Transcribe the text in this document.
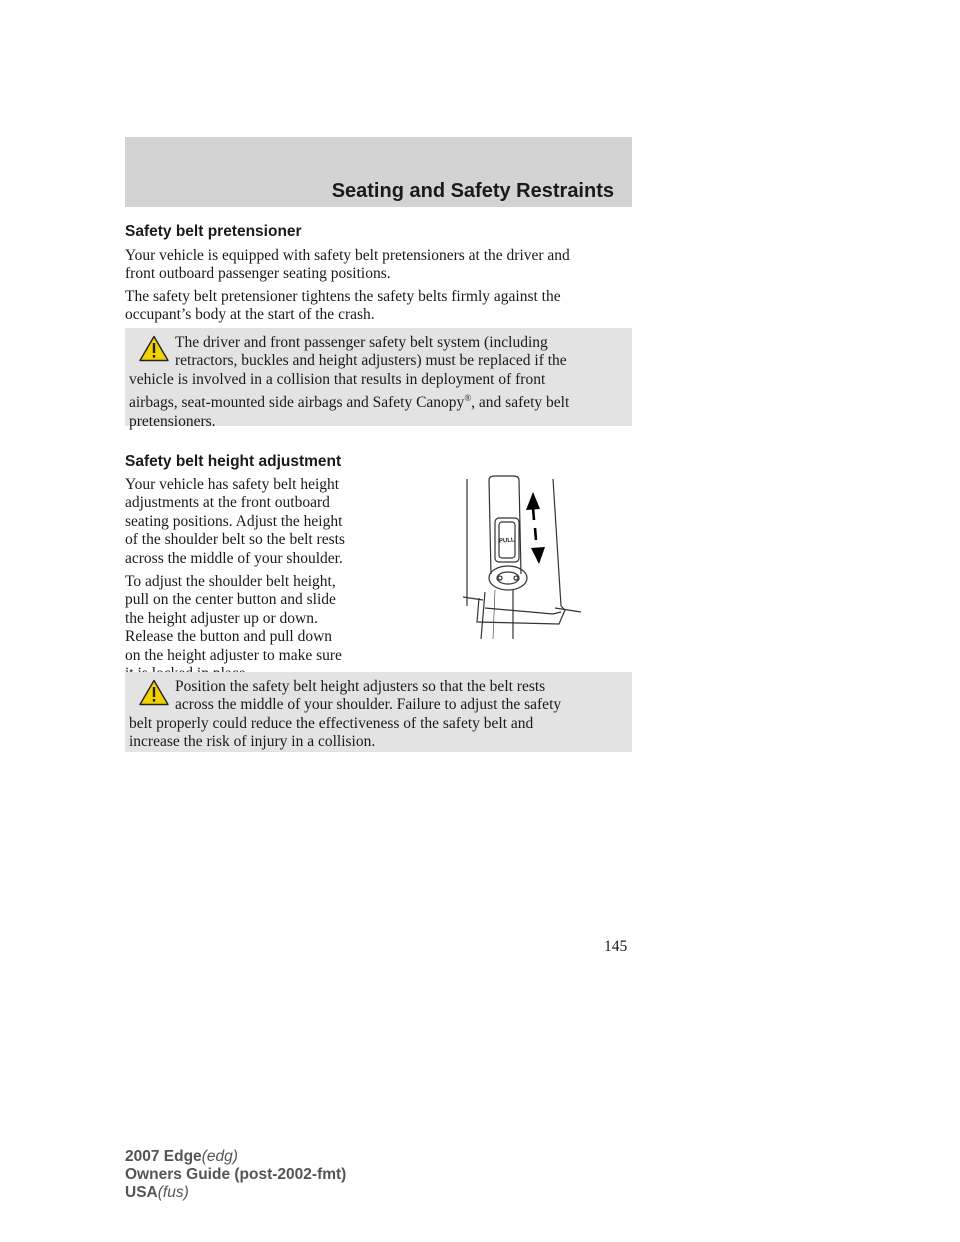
Seating and Safety Restraints
Safety belt pretensioner

Your vehicle is equipped with safety belt pretensioners at the driver and
front outboard passenger seating positions.

The safety belt pretensioner tightens the safety belts firmly against the
occupant’s body at the start of the crash.

The driver and front passenger safety belt system (including
retractors, buckles and height adjusters) must be replaced if the
vehicle is involved in a collision that results in deployment of front
airbags, seat-mounted side airbags and Safety Canopy®, and safety belt
pretensioners.

Safety belt height adjustment

Your vehicle has safety belt height
adjustments at the front outboard
seating positions. Adjust the height
of the shoulder belt so the belt rests
across the middle of your shoulder.

To adjust the shoulder belt height,
pull on the center button and slide
the height adjuster up or down.
Release the button and pull down
on the height adjuster to make sure

PULL

Position the safety belt height adjusters so that the belt rests
across the middle of your shoulder. Failure to adjust the safety
belt properly could reduce the effectiveness of the safety belt and
increase the risk of injury in a collision.

145
2007 Edge(edg)
Owners Guide (post-2002-fmt)
USA(fus)
